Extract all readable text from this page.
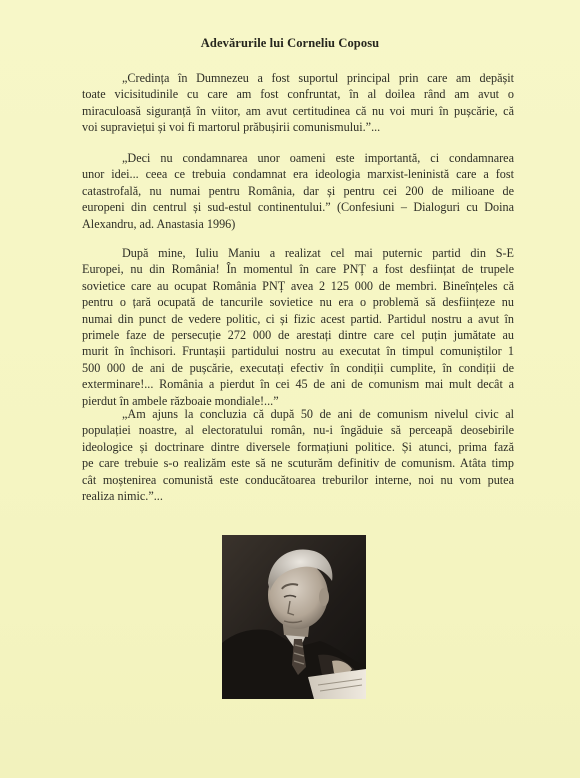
Adevărurile lui Corneliu Coposu
„Credința în Dumnezeu a fost suportul principal prin care am depășit
toate vicisitudinile cu care am fost confruntat, în al doilea rând am avut o
miraculoasă siguranță în viitor, am avut certitudinea că nu voi muri în pușcărie, că
voi supraviețui și voi fi martorul prăbușirii comunismului.”...
„Deci nu condamnarea unor oameni este importantă, ci condamnarea
unor idei... ceea ce trebuia condamnat era ideologia marxist-leninistă care a fost
catastrofală, nu numai pentru România, dar și pentru cei 200 de milioane de
europeni din centrul și sud-estul continentului.” (Confesiuni – Dialoguri cu Doina
Alexandru, ad. Anastasia 1996)
După mine, Iuliu Maniu a realizat cel mai puternic partid din S-E
Europei, nu din România! În momentul în care PNȚ a fost desființat de trupele
sovietice care au ocupat România PNȚ avea 2 125 000 de membri. Bineînțeles că
pentru o țară ocupată de tancurile sovietice nu era o problemă să desființeze nu
numai din punct de vedere politic, ci și fizic acest partid. Partidul nostru a avut în
primele faze de persecuție 272 000 de arestați dintre care cel puțin jumătate au
murit în închisori. Fruntașii partidului nostru au executat în timpul comuniștilor 1
500 000 de ani de pușcărie, executați efectiv în condiții cumplite, în condiții de
exterminare!... România a pierdut în cei 45 de ani de comunism mai mult decât a
pierdut în ambele războaie mondiale!...”
„Am ajuns la concluzia că după 50 de ani de comunism nivelul civic al
populației noastre, al electoratului român, nu-i îngăduie să perceapă deosebirile
ideologice și doctrinare dintre diversele formațiuni politice. Și atunci, prima fază
pe care trebuie s-o realizăm este să ne scuturăm definitiv de comunism. Atâta timp
cât moștenirea comunistă este conducătoarea treburilor interne, noi nu vom putea
realiza nimic.”...
